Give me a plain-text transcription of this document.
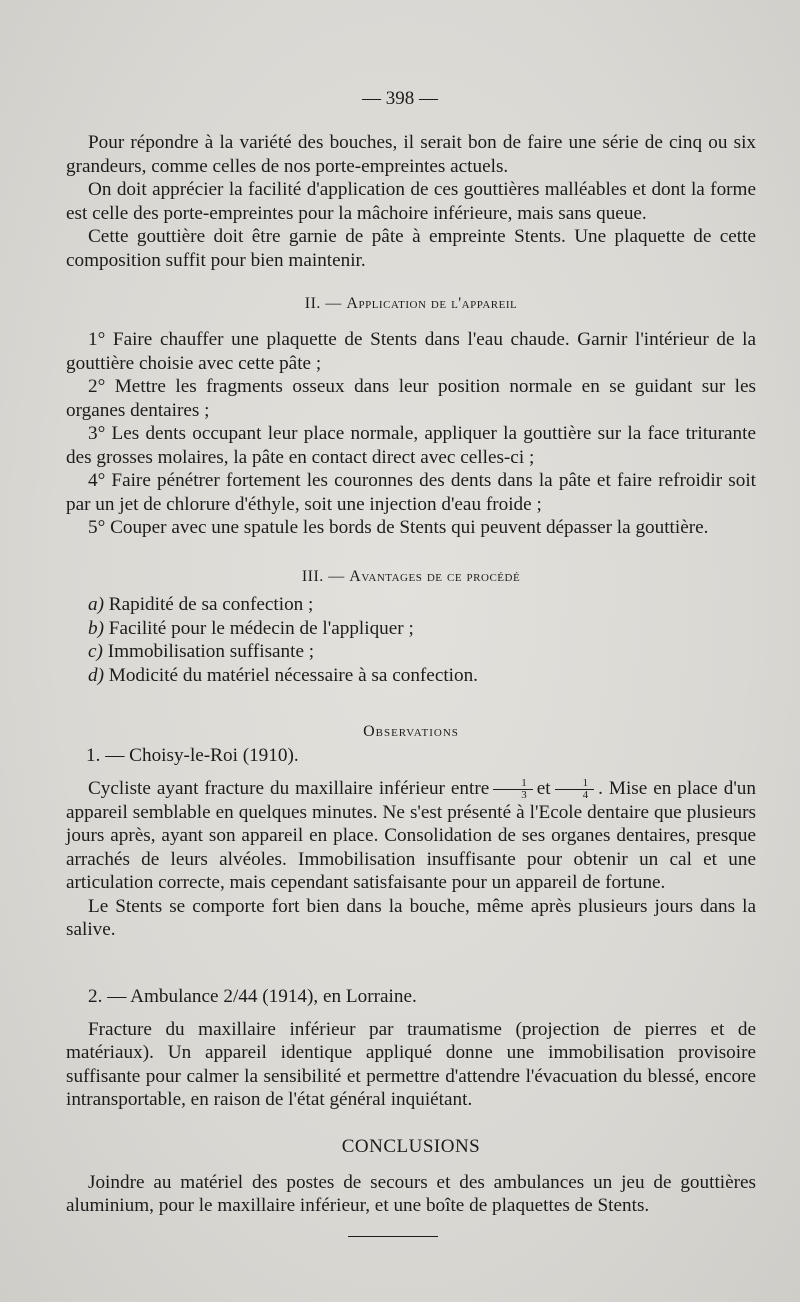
— 398 —

Pour répondre à la variété des bouches, il serait bon de faire une série de cinq ou six grandeurs, comme celles de nos porte-empreintes actuels.

On doit apprécier la facilité d'application de ces gouttières malléables et dont la forme est celle des porte-empreintes pour la mâchoire inférieure, mais sans queue.

Cette gouttière doit être garnie de pâte à empreinte Stents. Une plaquette de cette composition suffit pour bien maintenir.

II. — Application de l'appareil

1° Faire chauffer une plaquette de Stents dans l'eau chaude. Garnir l'intérieur de la gouttière choisie avec cette pâte ;

2° Mettre les fragments osseux dans leur position normale en se guidant sur les organes dentaires ;

3° Les dents occupant leur place normale, appliquer la gouttière sur la face triturante des grosses molaires, la pâte en contact direct avec celles-ci ;

4° Faire pénétrer fortement les couronnes des dents dans la pâte et faire refroidir soit par un jet de chlorure d'éthyle, soit une injection d'eau froide ;

5° Couper avec une spatule les bords de Stents qui peuvent dépasser la gouttière.

III. — Avantages de ce procédé

a) Rapidité de sa confection ;

b) Facilité pour le médecin de l'appliquer ;

c) Immobilisation suffisante ;

d) Modicité du matériel nécessaire à sa confection.

Observations

1. — Choisy-le-Roi (1910).

Cycliste ayant fracture du maxillaire inférieur entre $\frac{1}{3}$ et $\frac{1}{4}$ . Mise en place d'un appareil semblable en quelques minutes. Ne s'est présenté à l'Ecole dentaire que plusieurs jours après, ayant son appareil en place. Consolidation de ses organes dentaires, presque arrachés de leurs alvéoles. Immobilisation insuffisante pour obtenir un cal et une articulation correcte, mais cependant satisfaisante pour un appareil de fortune.

Le Stents se comporte fort bien dans la bouche, même après plusieurs jours dans la salive.

2. — Ambulance 2/44 (1914), en Lorraine.

Fracture du maxillaire inférieur par traumatisme (projection de pierres et de matériaux). Un appareil identique appliqué donne une immobilisation provisoire suffisante pour calmer la sensibilité et permettre d'attendre l'évacuation du blessé, encore intransportable, en raison de l'état général inquiétant.

CONCLUSIONS

Joindre au matériel des postes de secours et des ambulances un jeu de gouttières aluminium, pour le maxillaire inférieur, et une boîte de plaquettes de Stents.
